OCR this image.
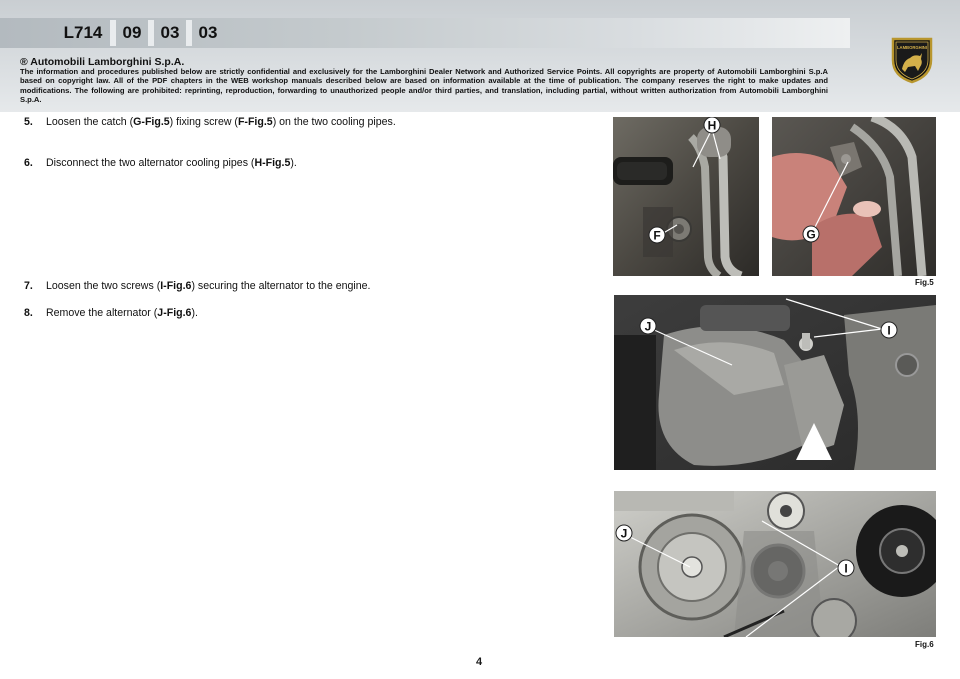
L714	09	03	03
® Automobili Lamborghini S.p.A.
The information and procedures published below are strictly confidential and exclusively for the Lamborghini Dealer Network and Authorized Service Points. All copyrights are property of Automobili Lamborghini S.p.A based on copyright law. All of the PDF chapters in the WEB workshop manuals described below are based on information available at the time of publication. The company reserves the right to make updates and modifications. The following are prohibited: reprinting, reproduction, forwarding to unauthorized people and/or third parties, and translation, including partial, without written authorization from Automobili Lamborghini S.p.A.
LAMBORGHINI
5. Loosen the catch (G-Fig.5) fixing screw (F-Fig.5) on the two cooling pipes.
6. Disconnect the two alternator cooling pipes (H-Fig.5).
7. Loosen the two screws (I-Fig.6) securing the alternator to the engine.
8. Remove the alternator (J-Fig.6).
H
F	G
Fig.5
J	I
J
I
Fig.6
4
